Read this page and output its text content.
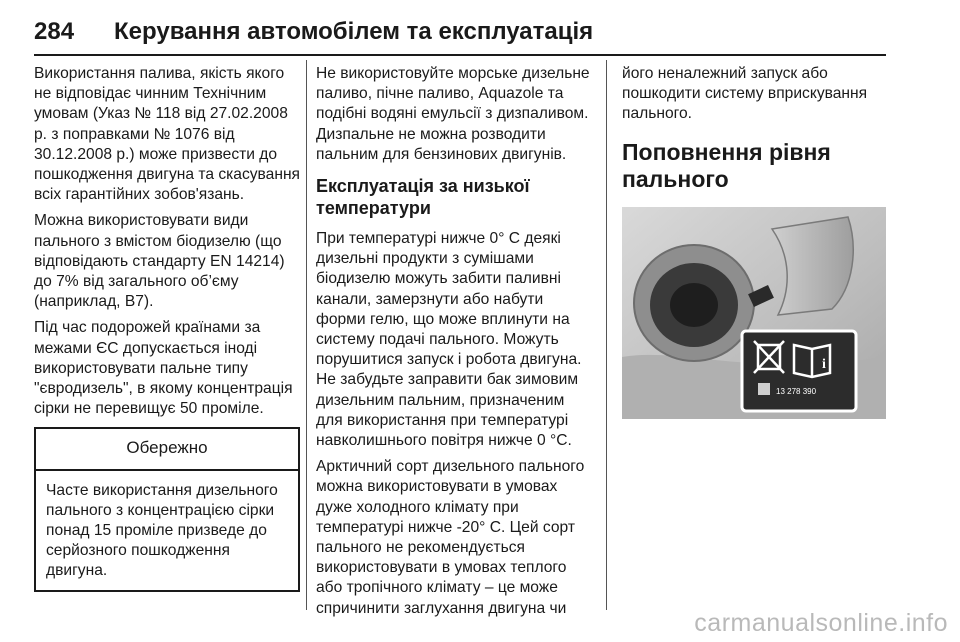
284 Керування автомобілем та експлуатація

Використання палива, якість якого не відповідає чинним Технічним умовам (Указ № 118 від 27.02.2008 р. з поправками № 1076 від 30.12.2008 р.) може призвести до пошкодження двигуна та скасування всіх гарантійних зобов'язань.

Можна використовувати види пального з вмістом біодизелю (що відповідають стандарту EN 14214) до 7% від загального об’єму (наприклад, B7).

Під час подорожей країнами за межами ЄС допускається іноді використовувати пальне типу "євродизель", в якому концентрація сірки не перевищує 50 проміле.

Обережно
Часте використання дизельного пального з концентрацією сірки понад 15 проміле призведе до серйозного пошкодження двигуна.

Не використовуйте морське дизельне паливо, пічне паливо, Aquazole та подібні водяні емульсії з дизпаливом. Дизпальне не можна розводити пальним для бензинових двигунів.

Експлуатація за низької температури

При температурі нижче 0° C деякі дизельні продукти з сумішами біодизелю можуть забити паливні канали, замерзнути або набути форми гелю, що може вплинути на систему подачі пального. Можуть порушитися запуск і робота двигуна. Не забудьте заправити бак зимовим дизельним пальним, призначеним для використання при температурі навколишнього повітря нижче 0 °C.

Арктичний сорт дизельного пального можна використовувати в умовах дуже холодного клімату при температурі нижче -20° C. Цей сорт пального не рекомендується використовувати в умовах теплого або тропічного клімату – це може спричинити заглухання двигуна чи

його неналежний запуск або пошкодити систему вприскування пального.

Поповнення рівня пального
i
13 278 390
carmanualsonline.info
